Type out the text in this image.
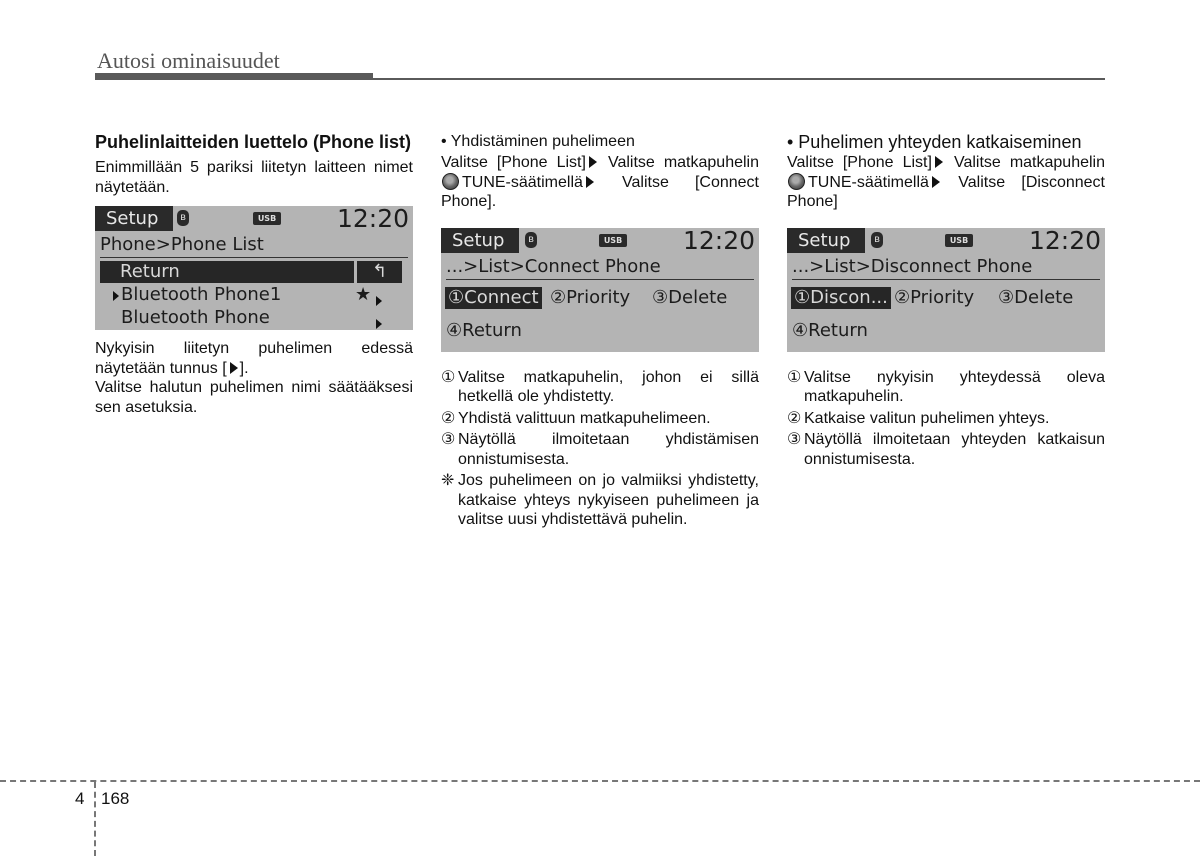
Autosi ominaisuudet
Puhelinlaitteiden luettelo (Phone list)
Enimmillään 5 pariksi liitetyn laitteen nimet näytetään.
Setup	ʙ	USB 12:20
Phone>Phone List
Return	↰
Bluetooth Phone1	★
Bluetooth Phone
Nykyisin liitetyn puhelimen edessä näytetään tunnus [ ].
Valitse halutun puhelimen nimi säätääksesi sen asetuksia.
• Yhdistäminen puhelimeen
Valitse [Phone List] Valitse matkapuhelin TUNE-säätimellä Valitse [Connect Phone].
Setup	ʙ	USB 12:20
...>List>Connect Phone
①Connect ②Priority ③Delete
④Return
① Valitse matkapuhelin, johon ei sillä hetkellä ole yhdistetty.
② Yhdistä valittuun matkapuhelimeen.
③ Näytöllä ilmoitetaan yhdistämisen onnistumisesta.
❈ Jos puhelimeen on jo valmiiksi yhdistetty, katkaise yhteys nykyiseen puhelimeen ja valitse uusi yhdistettävä puhelin.
• Puhelimen yhteyden katkaiseminen
Valitse [Phone List] Valitse matkapuhelin TUNE-säätimellä Valitse [Disconnect Phone]
Setup	ʙ	USB 12:20
...>List>Disconnect Phone
①Discon... ②Priority ③Delete
④Return
① Valitse nykyisin yhteydessä oleva matkapuhelin.
② Katkaise valitun puhelimen yhteys.
③ Näytöllä ilmoitetaan yhteyden katkaisun onnistumisesta.
4 168
